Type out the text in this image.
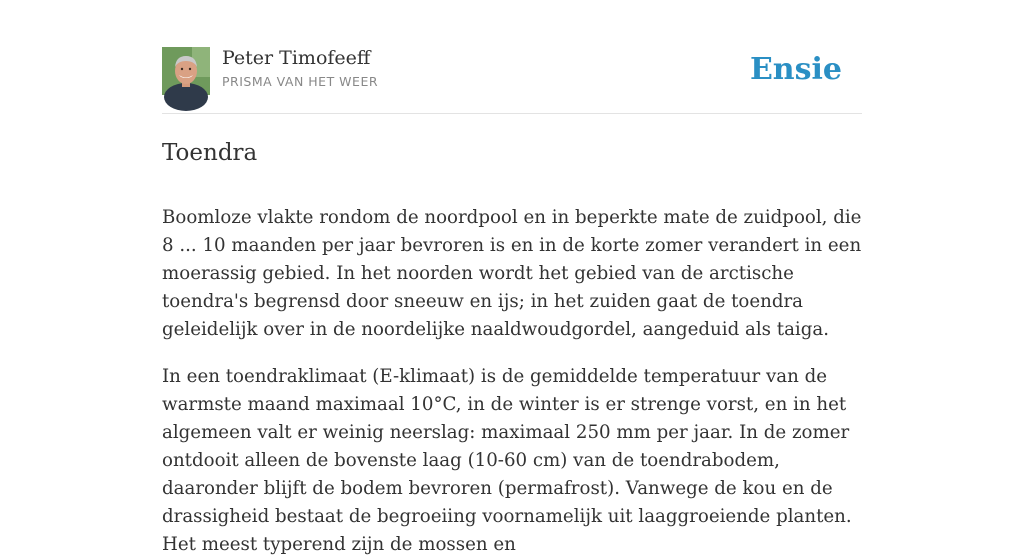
Peter Timofeeff
PRISMA VAN HET WEER	Ensie
Toendra

Boomloze vlakte rondom de noordpool en in beperkte mate de zuidpool, die 8 ... 10 maanden per jaar bevroren is en in de korte zomer verandert in een moerassig gebied. In het noorden wordt het gebied van de arctische toendra's begrensd door sneeuw en ijs; in het zuiden gaat de toendra geleidelijk over in de noordelijke naaldwoudgordel, aangeduid als taiga.

In een toendraklimaat (E-klimaat) is de gemiddelde temperatuur van de warmste maand maximaal 10°C, in de winter is er strenge vorst, en in het algemeen valt er weinig neerslag: maximaal 250 mm per jaar. In de zomer ontdooit alleen de bovenste laag (10-60 cm) van de toendrabodem, daaronder blijft de bodem bevroren (permafrost). Vanwege de kou en de drassigheid bestaat de begroeiing voornamelijk uit laaggroeiende planten. Het meest typerend zijn de mossen en
